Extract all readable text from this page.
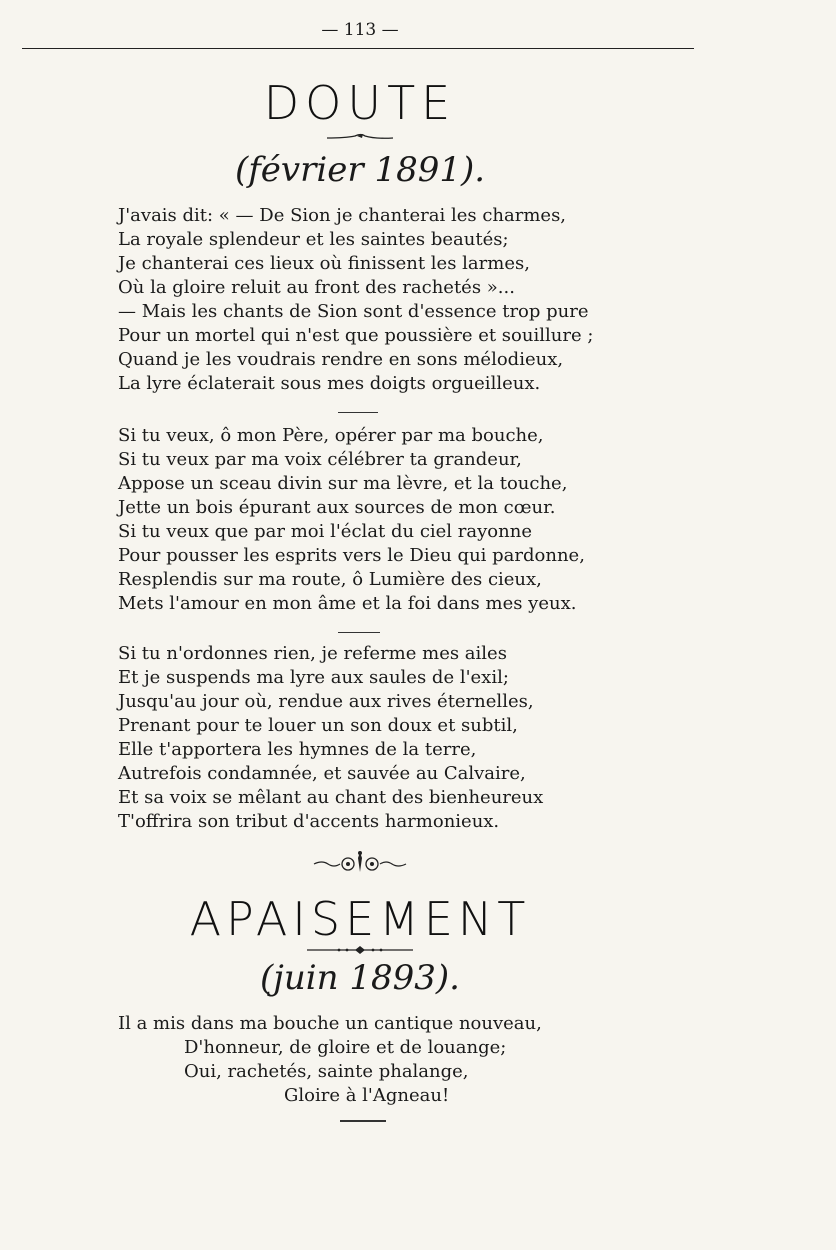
— 113 —
DOUTE
(février 1891).
J'avais dit: « — De Sion je chanterai les charmes,
La royale splendeur et les saintes beautés;
Je chanterai ces lieux où finissent les larmes,
Où la gloire reluit au front des rachetés »...
— Mais les chants de Sion sont d'essence trop pure
Pour un mortel qui n'est que poussière et souillure ;
Quand je les voudrais rendre en sons mélodieux,
La lyre éclaterait sous mes doigts orgueilleux.
Si tu veux, ô mon Père, opérer par ma bouche,
Si tu veux par ma voix célébrer ta grandeur,
Appose un sceau divin sur ma lèvre, et la touche,
Jette un bois épurant aux sources de mon cœur.
Si tu veux que par moi l'éclat du ciel rayonne
Pour pousser les esprits vers le Dieu qui pardonne,
Resplendis sur ma route, ô Lumière des cieux,
Mets l'amour en mon âme et la foi dans mes yeux.
Si tu n'ordonnes rien, je referme mes ailes
Et je suspends ma lyre aux saules de l'exil;
Jusqu'au jour où, rendue aux rives éternelles,
Prenant pour te louer un son doux et subtil,
Elle t'apportera les hymnes de la terre,
Autrefois condamnée, et sauvée au Calvaire,
Et sa voix se mêlant au chant des bienheureux
T'offrira son tribut d'accents harmonieux.
APAISEMENT
(juin 1893).
Il a mis dans ma bouche un cantique nouveau,
D'honneur, de gloire et de louange;
Oui, rachetés, sainte phalange,
Gloire à l'Agneau!
